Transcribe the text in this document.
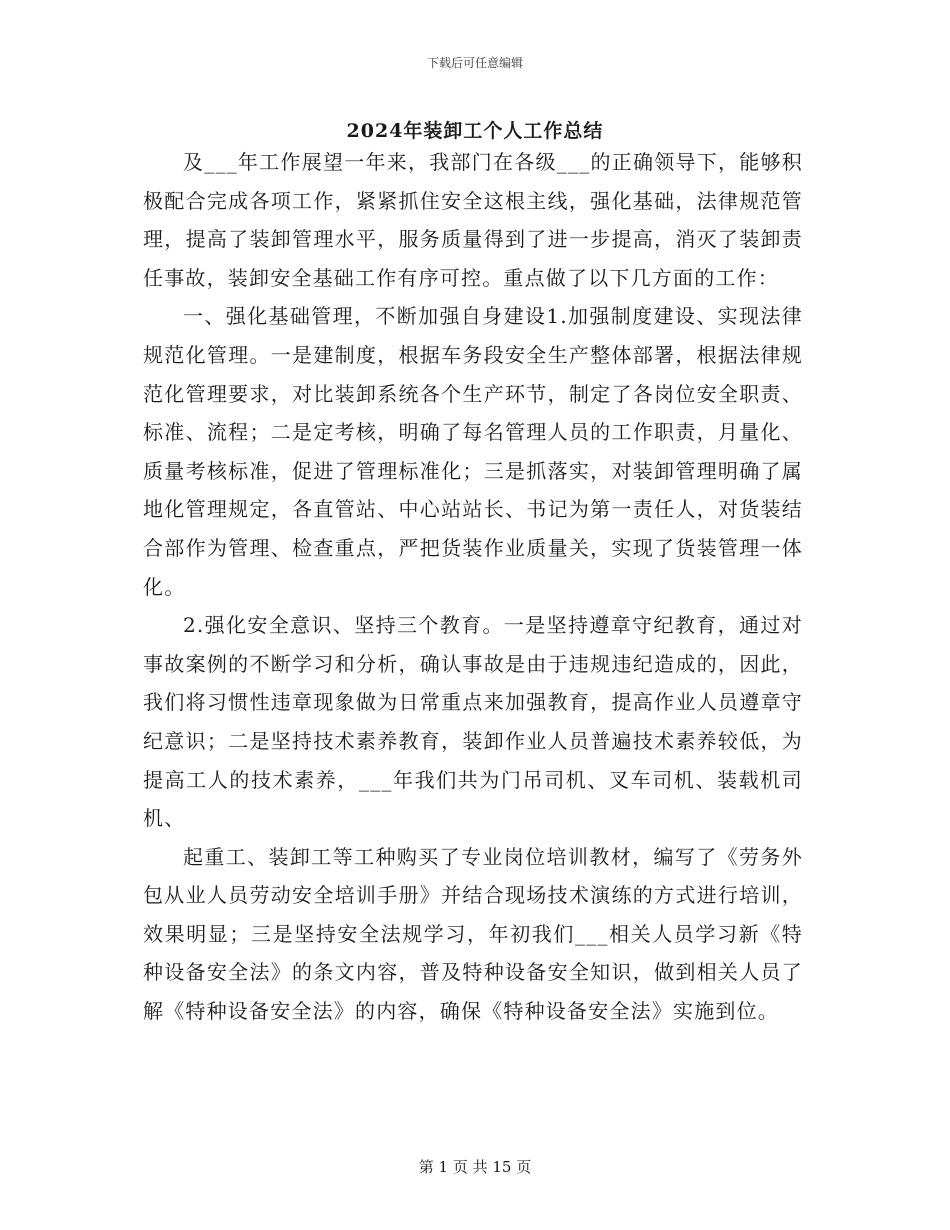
下载后可任意编辑
2024年装卸工个人工作总结

及___年工作展望一年来，我部门在各级___的正确领导下，能够积极配合完成各项工作，紧紧抓住安全这根主线，强化基础，法律规范管理，提高了装卸管理水平，服务质量得到了进一步提高，消灭了装卸责任事故，装卸安全基础工作有序可控。重点做了以下几方面的工作：

一、强化基础管理，不断加强自身建设1.加强制度建设、实现法律规范化管理。一是建制度，根据车务段安全生产整体部署，根据法律规范化管理要求，对比装卸系统各个生产环节，制定了各岗位安全职责、标准、流程；二是定考核，明确了每名管理人员的工作职责，月量化、质量考核标准，促进了管理标准化；三是抓落实，对装卸管理明确了属地化管理规定，各直管站、中心站站长、书记为第一责任人，对货装结合部作为管理、检查重点，严把货装作业质量关，实现了货装管理一体化。

2.强化安全意识、坚持三个教育。一是坚持遵章守纪教育，通过对事故案例的不断学习和分析，确认事故是由于违规违纪造成的，因此，我们将习惯性违章现象做为日常重点来加强教育，提高作业人员遵章守纪意识；二是坚持技术素养教育，装卸作业人员普遍技术素养较低，为提高工人的技术素养，___年我们共为门吊司机、叉车司机、装载机司机、

起重工、装卸工等工种购买了专业岗位培训教材，编写了《劳务外包从业人员劳动安全培训手册》并结合现场技术演练的方式进行培训，效果明显；三是坚持安全法规学习，年初我们___相关人员学习新《特种设备安全法》的条文内容，普及特种设备安全知识，做到相关人员了解《特种设备安全法》的内容，确保《特种设备安全法》实施到位。

第 1 页 共 15 页
